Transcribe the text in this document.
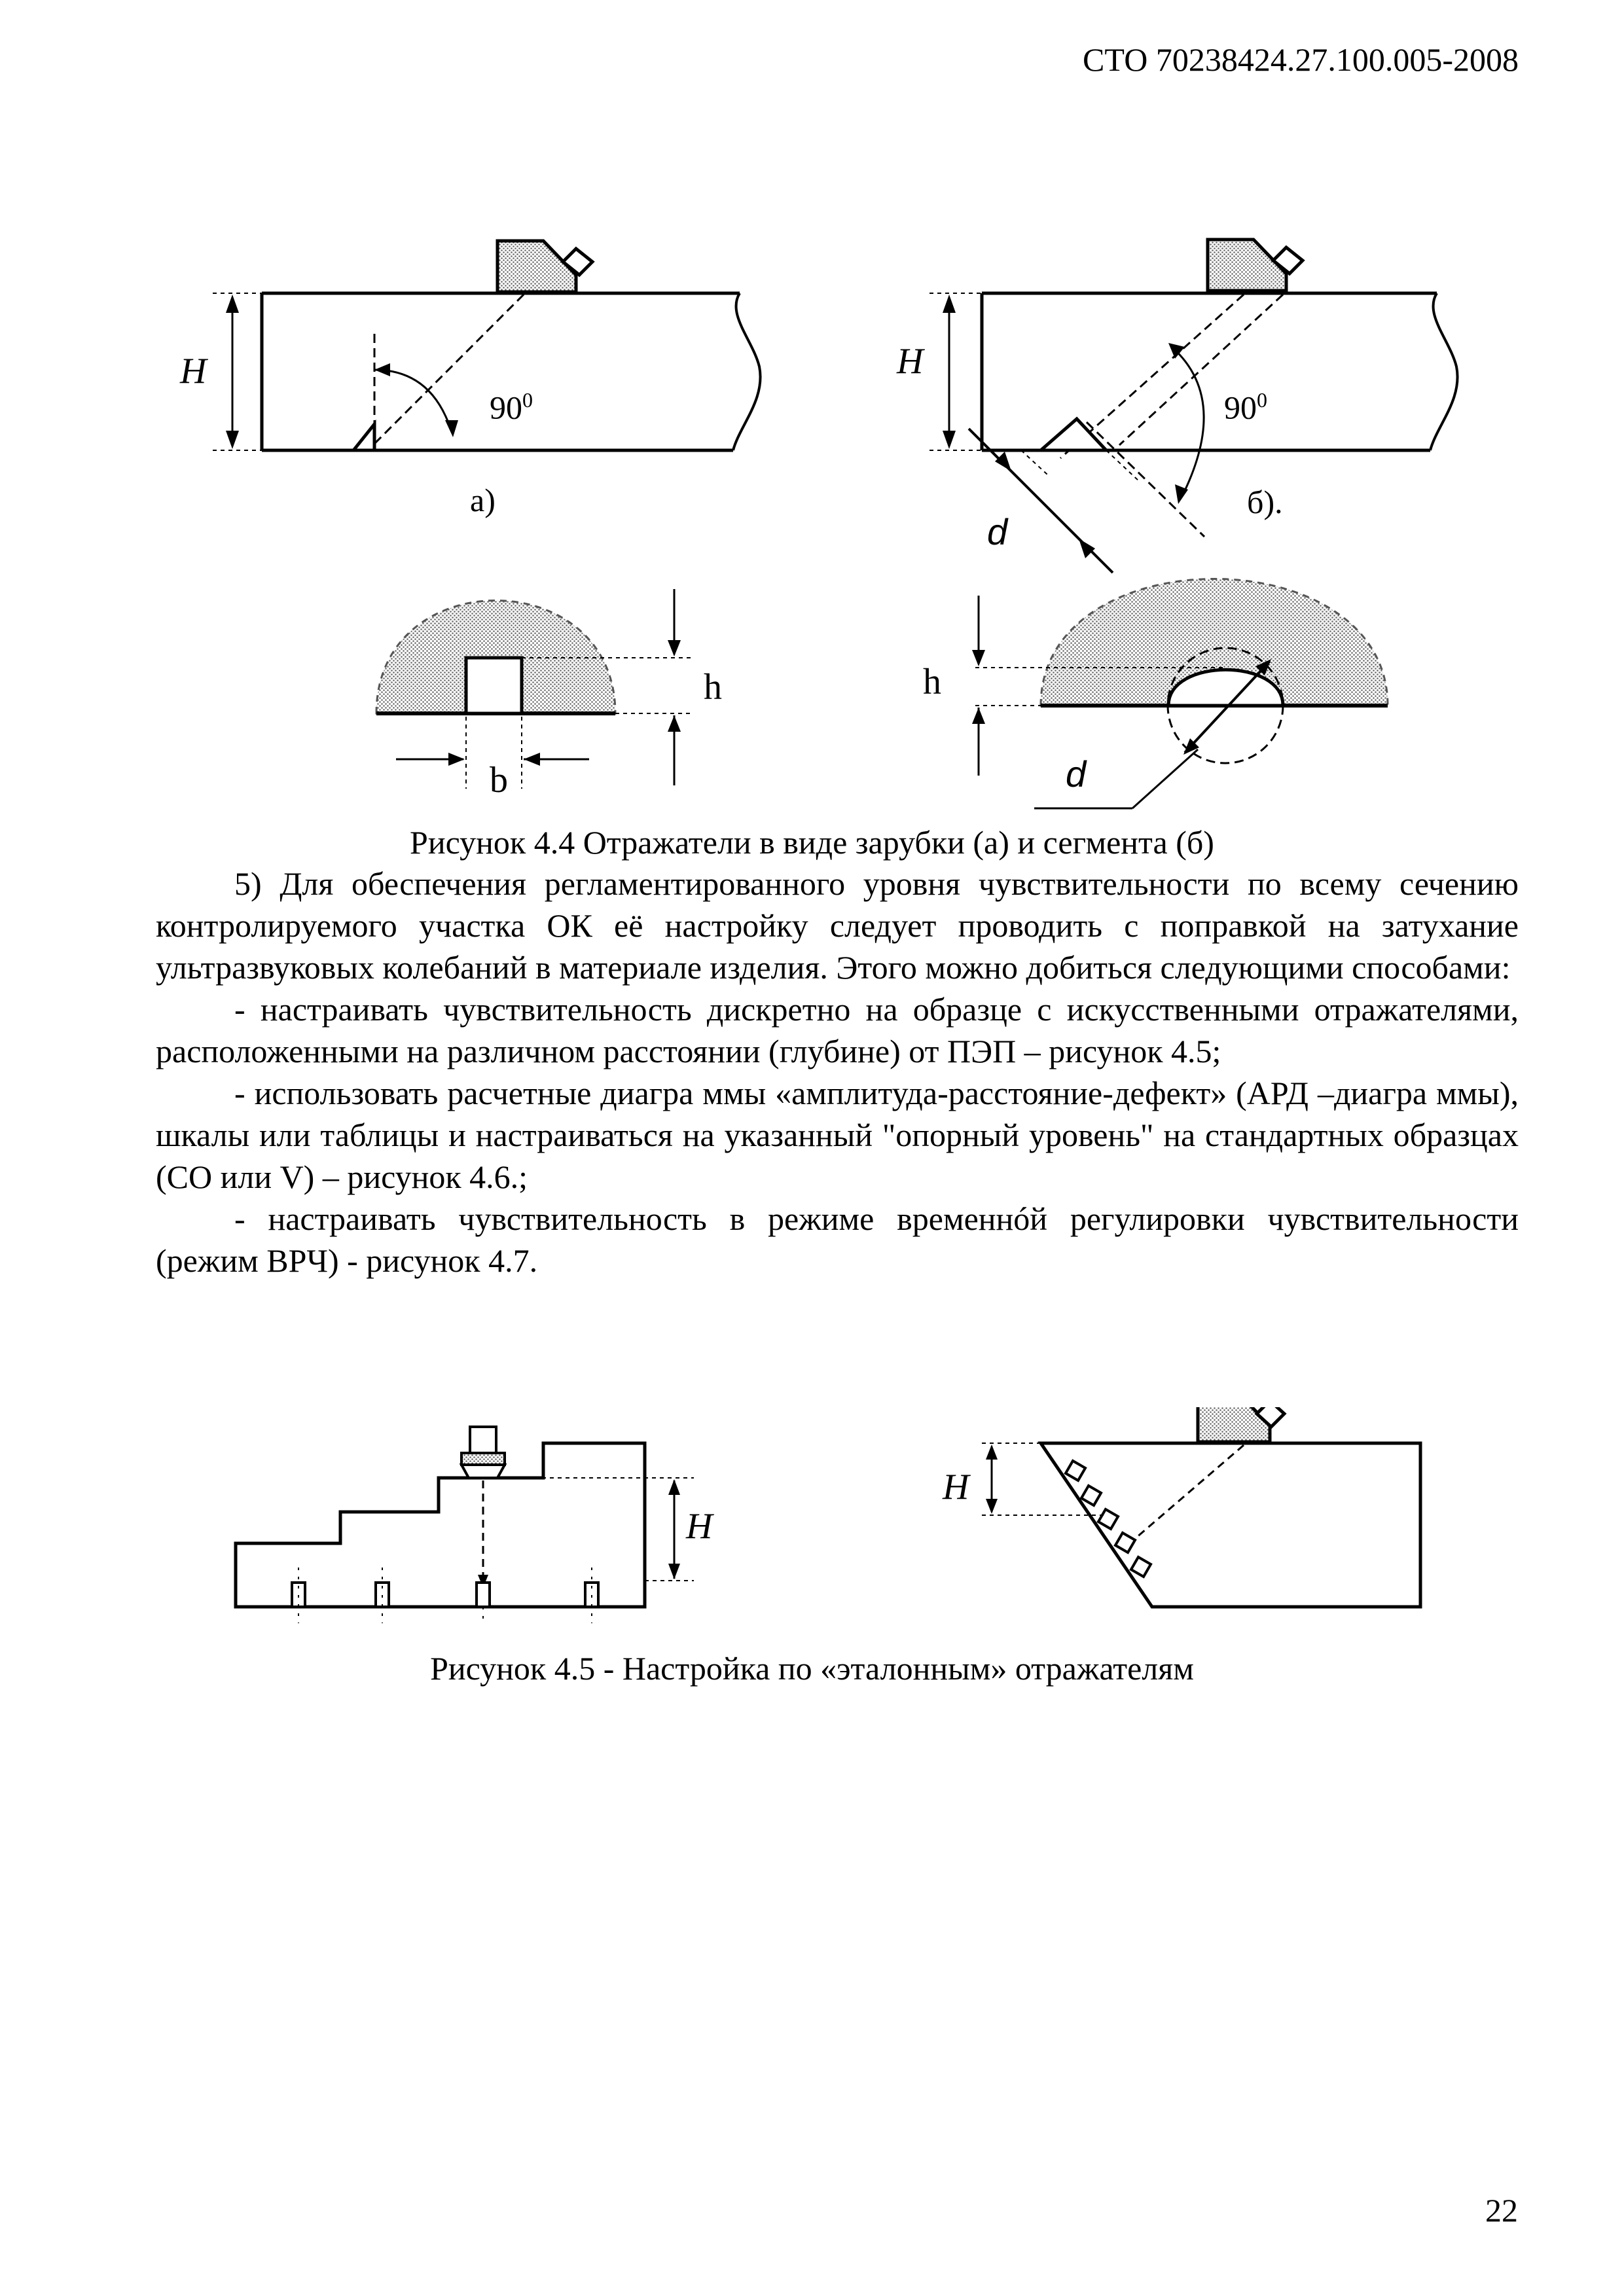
СТО 70238424.27.100.005-2008
H
$90^0$
а)
H
$90^0$
б).
d
h
b
h
d
Рисунок 4.4 Отражатели в виде зарубки (а) и сегмента (б)

5) Для обеспечения регламентированного уровня чувствительности по всему сечению контролируемого участка ОК её настройку следует проводить с поправкой на затухание ультразвуковых колебаний в материале изделия. Этого можно добиться следующими способами:

- настраивать чувствительность дискретно на образце с искусственными отражателями, расположенными на различном расстоянии (глубине) от ПЭП – рисунок 4.5;

- использовать расчетные диагра ммы «амплитуда-расстояние-дефект» (АРД –диагра ммы), шкалы или таблицы и настраиваться на указанный "опорный уровень" на стандартных образцах (СО или V) – рисунок 4.6.;

- настраивать чувствительность в режиме временнóй регулировки чувствительности (режим ВРЧ) - рисунок 4.7.

H
H
Рисунок 4.5 - Настройка по «эталонным» отражателям
22
